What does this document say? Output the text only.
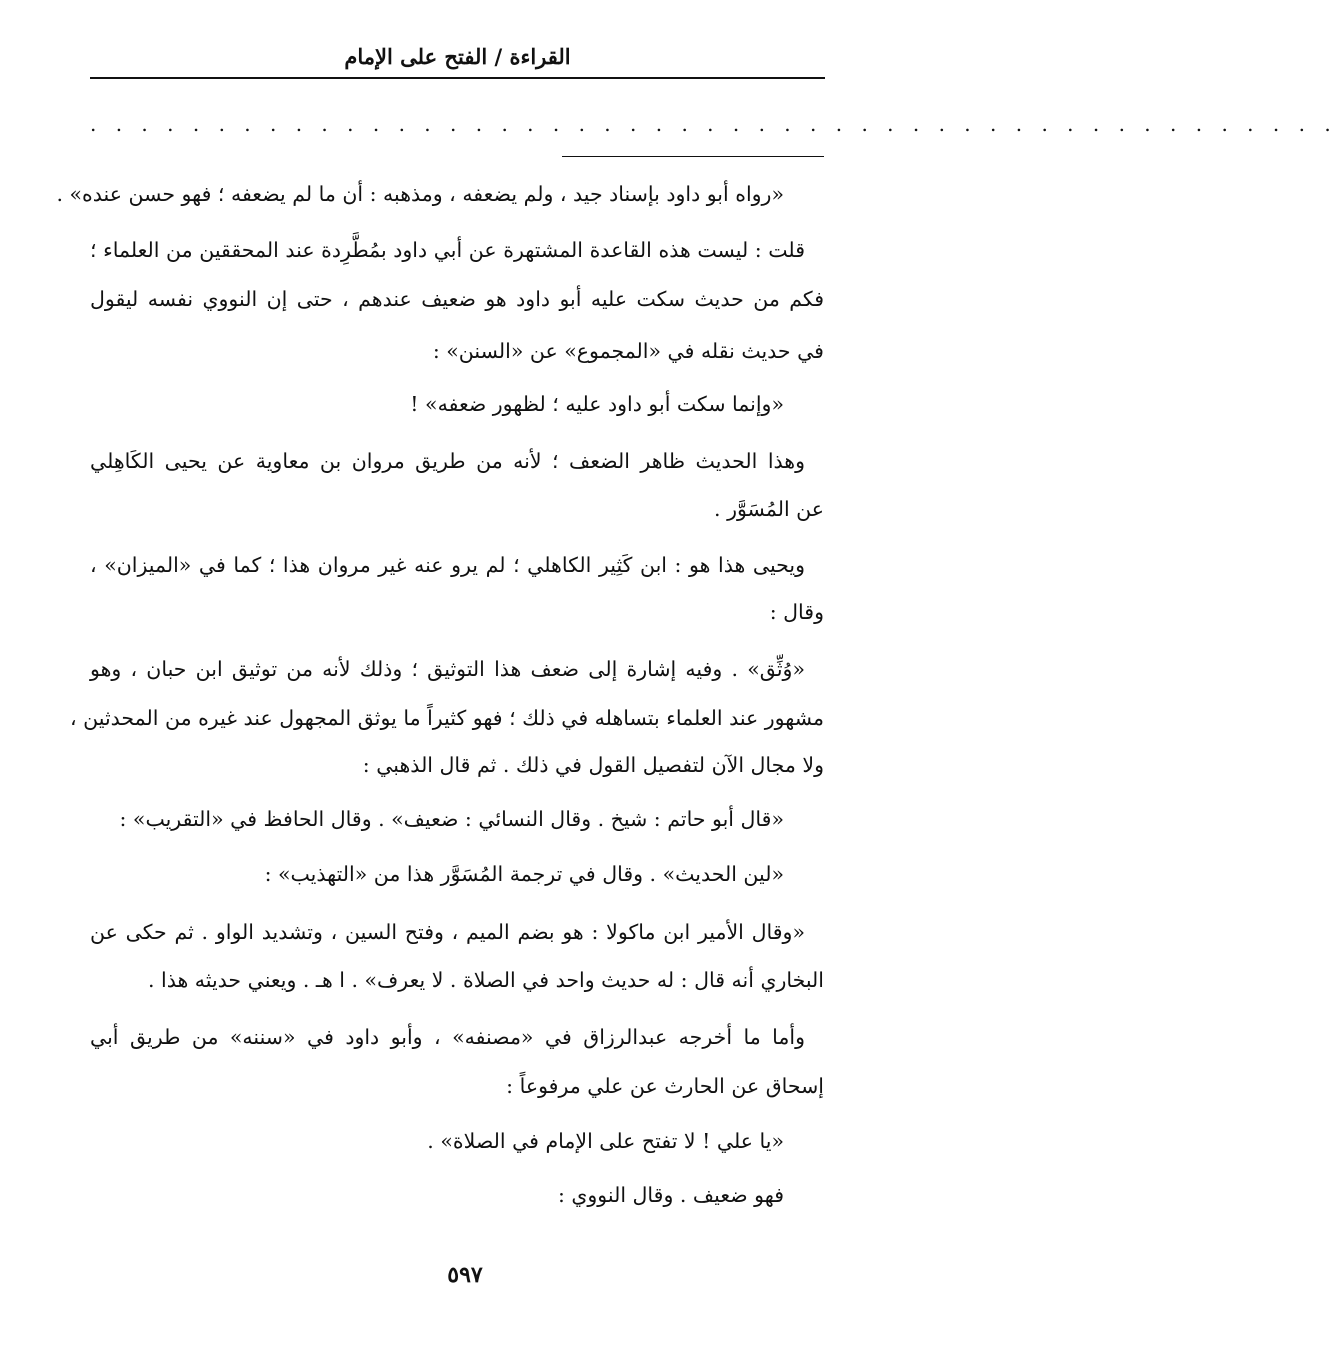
القراءة / الفتح على الإمام
. . . . . . . . . . . . . . . . . . . . . . . . . . . . . . . . . . . . . . . . . . . . . . . . .
«رواه أبو داود بإسناد جيد ، ولم يضعفه ، ومذهبه : أن ما لم يضعفه ؛ فهو حسن عنده» .
قلت : ليست هذه القاعدة المشتهرة عن أبي داود بمُطَّرِدة عند المحققين من العلماء ؛
فكم من حديث سكت عليه أبو داود هو ضعيف عندهم ، حتى إن النووي نفسه ليقول
في حديث نقله في «المجموع» عن «السنن» :
«وإنما سكت أبو داود عليه ؛ لظهور ضعفه» !
وهذا الحديث ظاهر الضعف ؛ لأنه من طريق مروان بن معاوية عن يحيى الكَاهِلي
عن المُسَوَّر .
ويحيى هذا هو : ابن كَثِير الكاهلي ؛ لم يرو عنه غير مروان هذا ؛ كما في «الميزان» ،
وقال :
«وُثِّق» . وفيه إشارة إلى ضعف هذا التوثيق ؛ وذلك لأنه من توثيق ابن حبان ، وهو
مشهور عند العلماء بتساهله في ذلك ؛ فهو كثيراً ما يوثق المجهول عند غيره من المحدثين ،
ولا مجال الآن لتفصيل القول في ذلك . ثم قال الذهبي :
«قال أبو حاتم : شيخ . وقال النسائي : ضعيف» . وقال الحافظ في «التقريب» :
«لين الحديث» . وقال في ترجمة المُسَوَّر هذا من «التهذيب» :
«وقال الأمير ابن ماكولا : هو بضم الميم ، وفتح السين ، وتشديد الواو . ثم حكى عن
البخاري أنه قال : له حديث واحد في الصلاة . لا يعرف» . ا هـ . ويعني حديثه هذا .
وأما ما أخرجه عبدالرزاق في «مصنفه» ، وأبو داود في «سننه» من طريق أبي
إسحاق عن الحارث عن علي مرفوعاً :
«يا علي ! لا تفتح على الإمام في الصلاة» .
فهو ضعيف . وقال النووي :
٥٩٧
